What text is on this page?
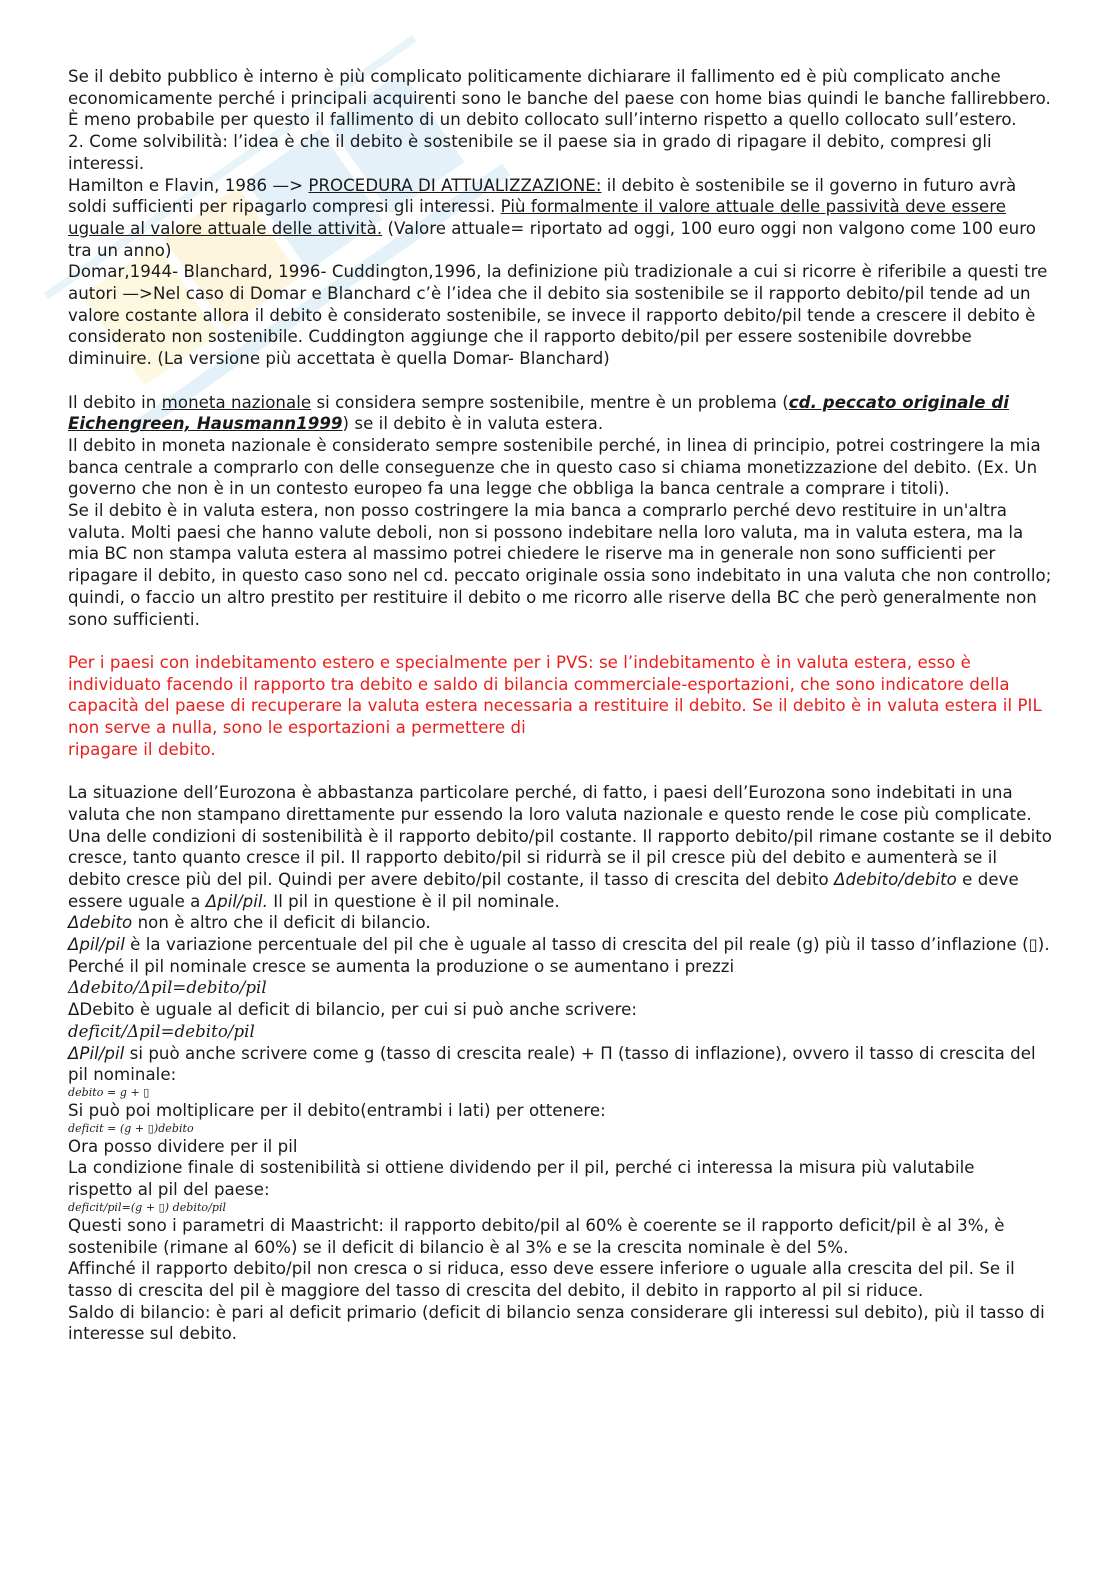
Se il debito pubblico è interno è più complicato politicamente dichiarare il fallimento ed è più complicato anche economicamente perché i principali acquirenti sono le banche del paese con home bias quindi le banche fallirebbero. È meno probabile per questo il fallimento di un debito collocato sull’interno rispetto a quello collocato sull’estero.

2. Come solvibilità: l’idea è che il debito è sostenibile se il paese sia in grado di ripagare il debito, compresi gli interessi.

Hamilton e Flavin, 1986 —> PROCEDURA DI ATTUALIZZAZIONE: il debito è sostenibile se il governo in futuro avrà soldi sufficienti per ripagarlo compresi gli interessi. Più formalmente il valore attuale delle passività deve essere uguale al valore attuale delle attività. (Valore attuale= riportato ad oggi, 100 euro oggi non valgono come 100 euro tra un anno)

Domar,1944- Blanchard, 1996- Cuddington,1996, la definizione più tradizionale a cui si ricorre è riferibile a questi tre autori —>Nel caso di Domar e Blanchard c’è l’idea che il debito sia sostenibile se il rapporto debito/pil tende ad un valore costante allora il debito è considerato sostenibile, se invece il rapporto debito/pil tende a crescere il debito è considerato non sostenibile. Cuddington aggiunge che il rapporto debito/pil per essere sostenibile dovrebbe diminuire. (La versione più accettata è quella Domar- Blanchard)

Il debito in moneta nazionale si considera sempre sostenibile, mentre è un problema (cd. peccato originale di Eichengreen, Hausmann1999) se il debito è in valuta estera.

Il debito in moneta nazionale è considerato sempre sostenibile perché, in linea di principio, potrei costringere la mia banca centrale a comprarlo con delle conseguenze che in questo caso si chiama monetizzazione del debito. (Ex. Un governo che non è in un contesto europeo fa una legge che obbliga la banca centrale a comprare i titoli).

Se il debito è in valuta estera, non posso costringere la mia banca a comprarlo perché devo restituire in un'altra valuta. Molti paesi che hanno valute deboli, non si possono indebitare nella loro valuta, ma in valuta estera, ma la mia BC non stampa valuta estera al massimo potrei chiedere le riserve ma in generale non sono sufficienti per ripagare il debito, in questo caso sono nel cd. peccato originale ossia sono indebitato in una valuta che non controllo; quindi, o faccio un altro prestito per restituire il debito o me ricorro alle riserve della BC che però generalmente non sono sufficienti.

Per i paesi con indebitamento estero e specialmente per i PVS: se l’indebitamento è in valuta estera, esso è individuato facendo il rapporto tra debito e saldo di bilancia commerciale-esportazioni, che sono indicatore della capacità del paese di recuperare la valuta estera necessaria a restituire il debito. Se il debito è in valuta estera il PIL non serve a nulla, sono le esportazioni a permettere di

ripagare il debito.

La situazione dell’Eurozona è abbastanza particolare perché, di fatto, i paesi dell’Eurozona sono indebitati in una valuta che non stampano direttamente pur essendo la loro valuta nazionale e questo rende le cose più complicate.

Una delle condizioni di sostenibilità è il rapporto debito/pil costante. Il rapporto debito/pil rimane costante se il debito cresce, tanto quanto cresce il pil. Il rapporto debito/pil si ridurrà se il pil cresce più del debito e aumenterà se il debito cresce più del pil. Quindi per avere debito/pil costante, il tasso di crescita del debito Δdebito/debito e deve essere uguale a Δpil/pil. Il pil in questione è il pil nominale.

Δdebito non è altro che il deficit di bilancio.

Δpil/pil è la variazione percentuale del pil che è uguale al tasso di crescita del pil reale (g) più il tasso d’inflazione (▯). Perché il pil nominale cresce se aumenta la produzione o se aumentano i prezzi

Δdebito/Δpil=debito/pil

ΔDebito è uguale al deficit di bilancio, per cui si può anche scrivere:

deficit/Δpil=debito/pil

ΔPil/pil si può anche scrivere come g (tasso di crescita reale) + Π (tasso di inflazione), ovvero il tasso di crescita del pil nominale:

debito = g + ▯

Si può poi moltiplicare per il debito(entrambi i lati) per ottenere:

deficit = (g + ▯)debito

Ora posso dividere per il pil

La condizione finale di sostenibilità si ottiene dividendo per il pil, perché ci interessa la misura più valutabile

rispetto al pil del paese:

deficit/pil=(g + ▯) debito/pil

Questi sono i parametri di Maastricht: il rapporto debito/pil al 60% è coerente se il rapporto deficit/pil è al 3%, è sostenibile (rimane al 60%) se il deficit di bilancio è al 3% e se la crescita nominale è del 5%.

Affinché il rapporto debito/pil non cresca o si riduca, esso deve essere inferiore o uguale alla crescita del pil. Se il tasso di crescita del pil è maggiore del tasso di crescita del debito, il debito in rapporto al pil si riduce.

Saldo di bilancio: è pari al deficit primario (deficit di bilancio senza considerare gli interessi sul debito), più il tasso di interesse sul debito.
